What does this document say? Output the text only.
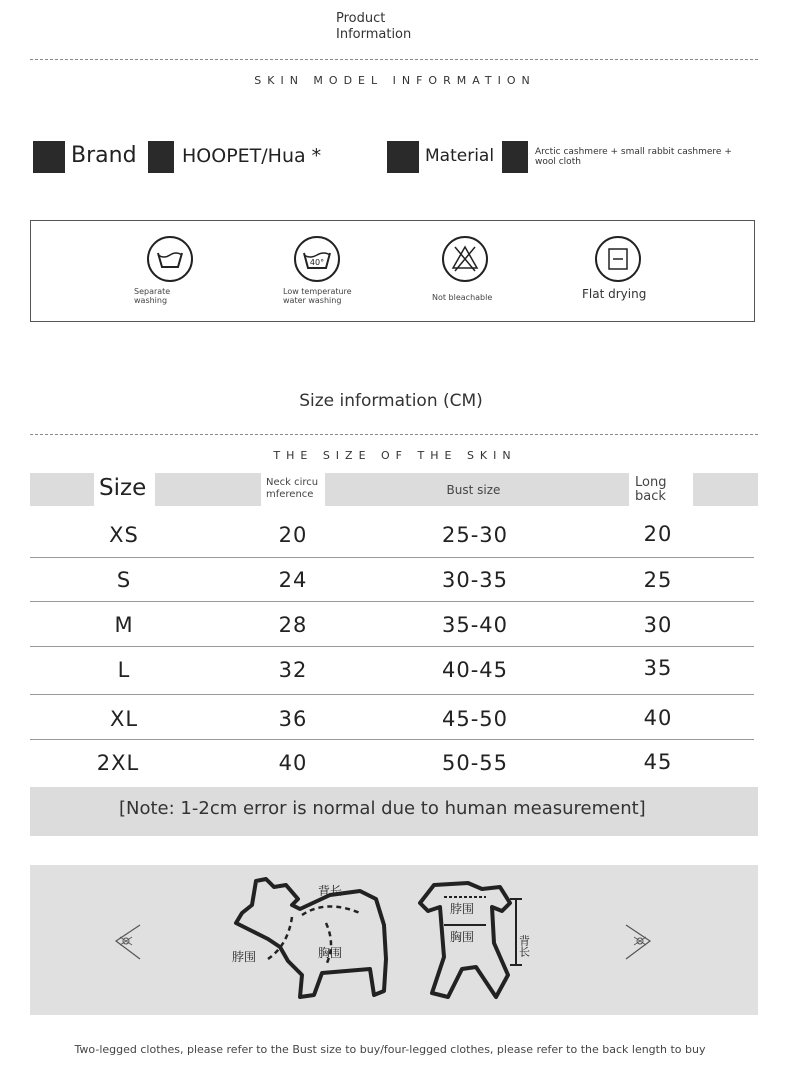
Product
Information
SKIN MODEL INFORMATION
Brand HOOPET/Hua *	Material	Arctic cashmere + small rabbit cashmere + wool cloth
Separate
washing
40°
Low temperature
water washing	Not bleachable	Flat drying
Size information (CM)
THE SIZE OF THE SKIN
Size	Neck circu
mference	Bust size	Long
back
XS	20	25-30	20
S	24	30-35	25
M	28	35-40	30
L	32	40-45	35
XL	36	45-50	40
2XL	40	50-55	45
[Note: 1-2cm error is normal due to human measurement]
背长
脖围	胸围
脖围
胸围	背长
Two-legged clothes, please refer to the Bust size to buy/four-legged clothes, please refer to the back length to buy
